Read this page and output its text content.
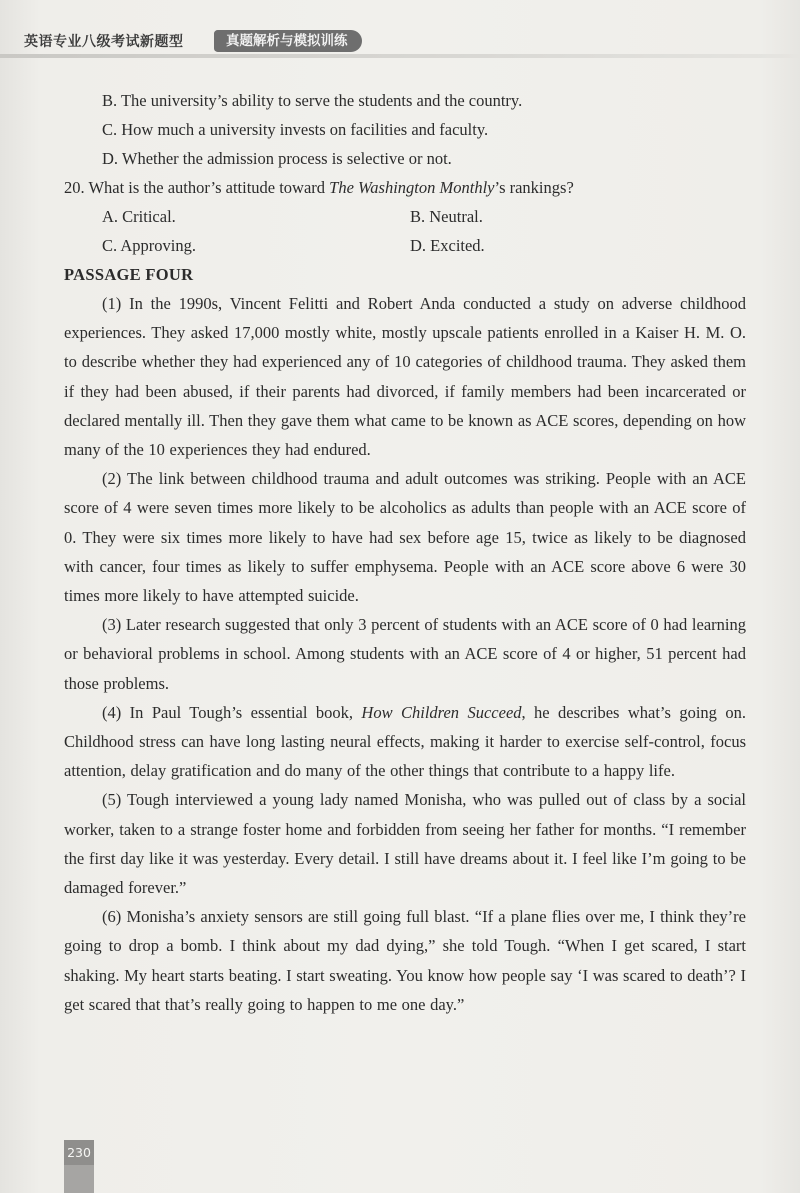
英语专业八级考试新题型	真题解析与模拟训练
B. The university’s ability to serve the students and the country.
C. How much a university invests on facilities and faculty.
D. Whether the admission process is selective or not.
20. What is the author’s attitude toward The Washington Monthly’s rankings?
A. Critical.	B. Neutral.
C. Approving.	D. Excited.
PASSAGE FOUR

(1) In the 1990s, Vincent Felitti and Robert Anda conducted a study on adverse childhood experiences. They asked 17,000 mostly white, mostly upscale patients enrolled in a Kaiser H. M. O. to describe whether they had experienced any of 10 categories of childhood trauma. They asked them if they had been abused, if their parents had divorced, if family members had been incarcerated or declared mentally ill. Then they gave them what came to be known as ACE scores, depending on how many of the 10 experiences they had endured.

(2) The link between childhood trauma and adult outcomes was striking. People with an ACE score of 4 were seven times more likely to be alcoholics as adults than people with an ACE score of 0. They were six times more likely to have had sex before age 15, twice as likely to be diagnosed with cancer, four times as likely to suffer emphysema. People with an ACE score above 6 were 30 times more likely to have attempted suicide.

(3) Later research suggested that only 3 percent of students with an ACE score of 0 had learning or behavioral problems in school. Among students with an ACE score of 4 or higher, 51 percent had those problems.

(4) In Paul Tough’s essential book, How Children Succeed, he describes what’s going on. Childhood stress can have long lasting neural effects, making it harder to exercise self-control, focus attention, delay gratification and do many of the other things that contribute to a happy life.

(5) Tough interviewed a young lady named Monisha, who was pulled out of class by a social worker, taken to a strange foster home and forbidden from seeing her father for months. “I remember the first day like it was yesterday. Every detail. I still have dreams about it. I feel like I’m going to be damaged forever.”

(6) Monisha’s anxiety sensors are still going full blast. “If a plane flies over me, I think they’re going to drop a bomb. I think about my dad dying,” she told Tough. “When I get scared, I start shaking. My heart starts beating. I start sweating. You know how people say ‘I was scared to death’? I get scared that that’s really going to happen to me one day.”

230
